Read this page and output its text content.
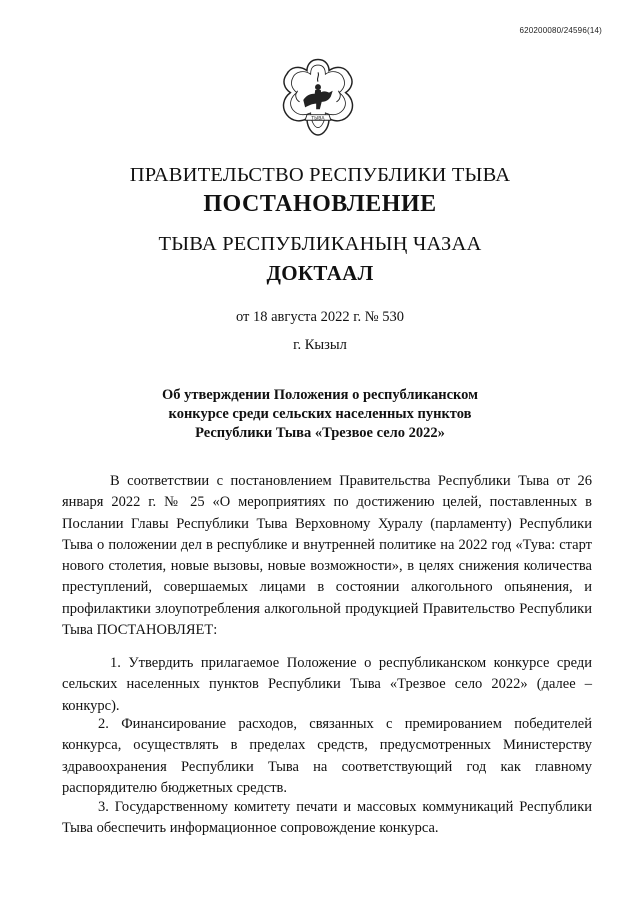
620200080/24596(14)
ТЫВА
ПРАВИТЕЛЬСТВО РЕСПУБЛИКИ ТЫВА
ПОСТАНОВЛЕНИЕ
ТЫВА РЕСПУБЛИКАНЫҢ ЧАЗАА
ДОКТААЛ
от 18 августа 2022 г. № 530
г. Кызыл
Об утверждении Положения о республиканском
конкурсе среди сельских населенных пунктов
Республики Тыва «Трезвое село 2022»
В соответствии с постановлением Правительства Республики Тыва от 26 января 2022 г. № 25 «О мероприятиях по достижению целей, поставленных в Послании Главы Республики Тыва Верховному Хуралу (парламенту) Республики Тыва о положении дел в республике и внутренней политике на 2022 год «Тува: старт нового столетия, новые вызовы, новые возможности», в целях снижения количества преступлений, совершаемых лицами в состоянии алкогольного опьянения, и профилактики злоупотребления алкогольной продукцией Правительство Республики Тыва ПОСТАНОВЛЯЕТ:
1. Утвердить прилагаемое Положение о республиканском конкурсе среди сельских населенных пунктов Республики Тыва «Трезвое село 2022» (далее – конкурс).
2. Финансирование расходов, связанных с премированием победителей конкурса, осуществлять в пределах средств, предусмотренных Министерству здравоохранения Республики Тыва на соответствующий год как главному распорядителю бюджетных средств.
3. Государственному комитету печати и массовых коммуникаций Республики Тыва обеспечить информационное сопровождение конкурса.
